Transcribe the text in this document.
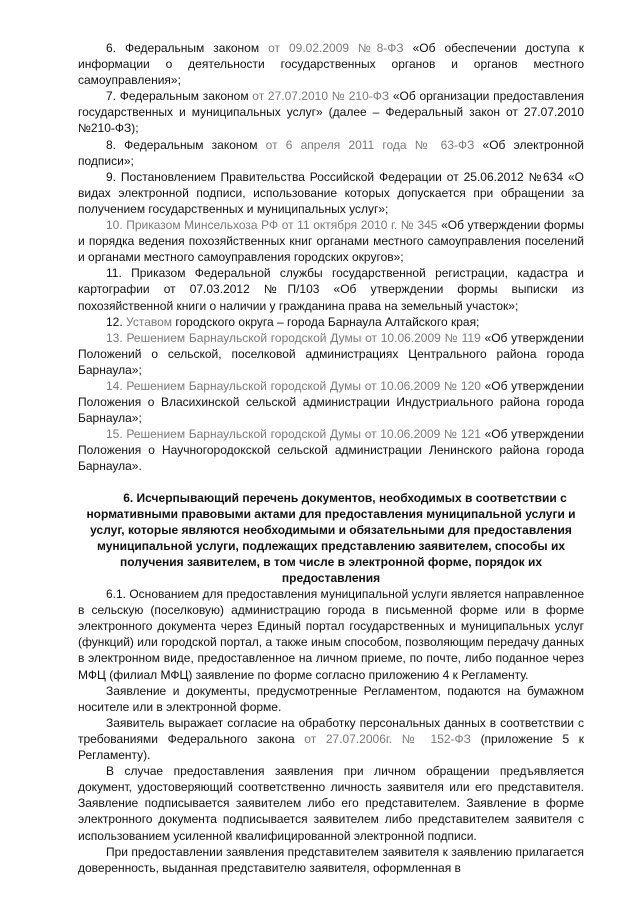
6. Федеральным законом от 09.02.2009 №8-ФЗ «Об обеспечении доступа к информации о деятельности государственных органов и органов местного самоуправления»;

7. Федеральным законом от 27.07.2010 № 210-ФЗ «Об организации предоставления государственных и муниципальных услуг» (далее – Федеральный закон от 27.07.2010 №210-ФЗ);

8. Федеральным законом от 6 апреля 2011 года № 63-ФЗ «Об электронной подписи»;

9. Постановлением Правительства Российской Федерации от 25.06.2012 №634 «О видах электронной подписи, использование которых допускается при обращении за получением государственных и муниципальных услуг»;

10. Приказом Минсельхоза РФ от 11 октября 2010 г. № 345 «Об утверждении формы и порядка ведения похозяйственных книг органами местного самоуправления поселений и органами местного самоуправления городских округов»;

11. Приказом Федеральной службы государственной регистрации, кадастра и картографии от 07.03.2012 №П/103 «Об утверждении формы выписки из похозяйственной книги о наличии у гражданина права на земельный участок»;

12. Уставом городского округа – города Барнаула Алтайского края;

13. Решением Барнаульской городской Думы от 10.06.2009 № 119 «Об утверждении Положений о сельской, поселковой администрациях Центрального района города Барнаула»;

14. Решением Барнаульской городской Думы от 10.06.2009 № 120 «Об утверждении Положения о Власихинской сельской администрации Индустриального района города Барнаула»;

15. Решением Барнаульской городской Думы от 10.06.2009 № 121 «Об утверждении Положения о Научногородокской сельской администрации Ленинского района города Барнаула».

6. Исчерпывающий перечень документов, необходимых в соответствии с нормативными правовыми актами для предоставления муниципальной услуги и услуг, которые являются необходимыми и обязательными для предоставления муниципальной услуги, подлежащих представлению заявителем, способы их получения заявителем, в том числе в электронной форме, порядок их предоставления

6.1. Основанием для предоставления муниципальной услуги является направленное в сельскую (поселковую) администрацию города в письменной форме или в форме электронного документа через Единый портал государственных и муниципальных услуг (функций) или городской портал, а также иным способом, позволяющим передачу данных в электронном виде, предоставленное на личном приеме, по почте, либо поданное через МФЦ (филиал МФЦ) заявление по форме согласно приложению 4 к Регламенту.

Заявление и документы, предусмотренные Регламентом, подаются на бумажном носителе или в электронной форме.

Заявитель выражает согласие на обработку персональных данных в соответствии с требованиями Федерального закона от 27.07.2006г. № 152-ФЗ (приложение 5 к Регламенту).

В случае предоставления заявления при личном обращении предъявляется документ, удостоверяющий соответственно личность заявителя или его представителя. Заявление подписывается заявителем либо его представителем. Заявление в форме электронного документа подписывается заявителем либо представителем заявителя с использованием усиленной квалифицированной электронной подписи.

При предоставлении заявления представителем заявителя к заявлению прилагается доверенность, выданная представителю заявителя, оформленная в
